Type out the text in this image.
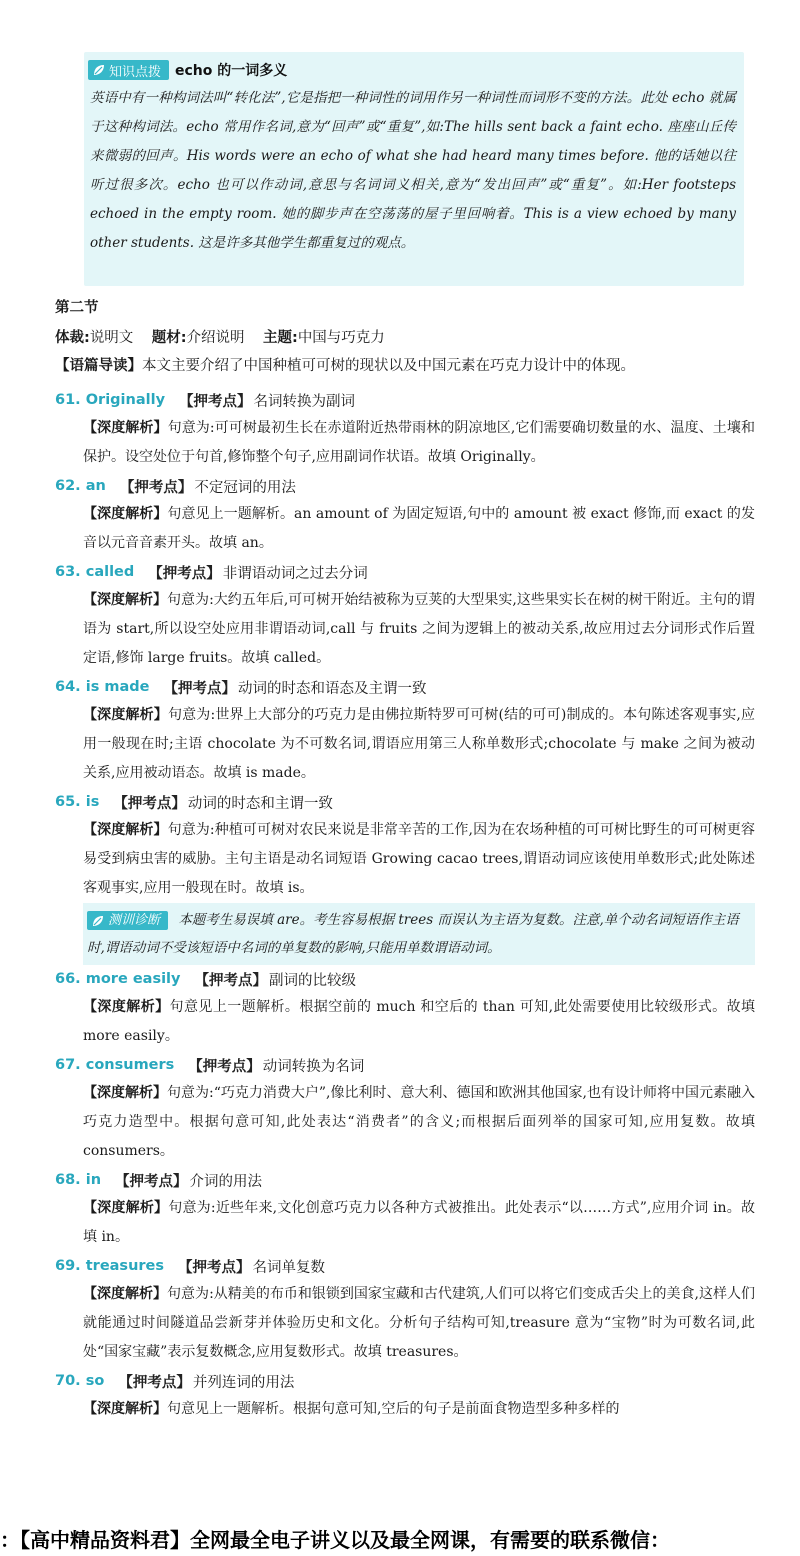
知识点拨 echo 的一词多义
英语中有一种构词法叫“转化法”,它是指把一种词性的词用作另一种词性而词形不变的方法。此处 echo 就属于这种构词法。echo 常用作名词,意为“回声”或“重复”,如:The hills sent back a faint echo. 座座山丘传来微弱的回声。His words were an echo of what she had heard many times before. 他的话她以往听过很多次。echo 也可以作动词,意思与名词词义相关,意为“发出回声”或“重复”。如:Her footsteps echoed in the empty room. 她的脚步声在空荡荡的屋子里回响着。This is a view echoed by many other students. 这是许多其他学生都重复过的观点。
第二节
体裁:说明文 题材:介绍说明 主题:中国与巧克力
【语篇导读】本文主要介绍了中国种植可可树的现状以及中国元素在巧克力设计中的体现。
61. Originally 【押考点】 名词转换为副词
【深度解析】句意为:可可树最初生长在赤道附近热带雨林的阴凉地区,它们需要确切数量的水、温度、土壤和保护。设空处位于句首,修饰整个句子,应用副词作状语。故填 Originally。
62. an 【押考点】 不定冠词的用法
【深度解析】句意见上一题解析。an amount of 为固定短语,句中的 amount 被 exact 修饰,而 exact 的发音以元音音素开头。故填 an。
63. called 【押考点】 非谓语动词之过去分词
【深度解析】句意为:大约五年后,可可树开始结被称为豆荚的大型果实,这些果实长在树的树干附近。主句的谓语为 start,所以设空处应用非谓语动词,call 与 fruits 之间为逻辑上的被动关系,故应用过去分词形式作后置定语,修饰 large fruits。故填 called。
64. is made 【押考点】 动词的时态和语态及主谓一致
【深度解析】句意为:世界上大部分的巧克力是由佛拉斯特罗可可树(结的可可)制成的。本句陈述客观事实,应用一般现在时;主语 chocolate 为不可数名词,谓语应用第三人称单数形式;chocolate 与 make 之间为被动关系,应用被动语态。故填 is made。
65. is 【押考点】 动词的时态和主谓一致
【深度解析】句意为:种植可可树对农民来说是非常辛苦的工作,因为在农场种植的可可树比野生的可可树更容易受到病虫害的威胁。主句主语是动名词短语 Growing cacao trees,谓语动词应该使用单数形式;此处陈述客观事实,应用一般现在时。故填 is。
测训诊断 本题考生易误填 are。考生容易根据 trees 而误认为主语为复数。注意,单个动名词短语作主语时,谓语动词不受该短语中名词的单复数的影响,只能用单数谓语动词。
66. more easily 【押考点】 副词的比较级
【深度解析】句意见上一题解析。根据空前的 much 和空后的 than 可知,此处需要使用比较级形式。故填 more easily。
67. consumers 【押考点】 动词转换为名词
【深度解析】句意为:“巧克力消费大户”,像比利时、意大利、德国和欧洲其他国家,也有设计师将中国元素融入巧克力造型中。根据句意可知,此处表达“消费者”的含义;而根据后面列举的国家可知,应用复数。故填 consumers。
68. in 【押考点】 介词的用法
【深度解析】句意为:近些年来,文化创意巧克力以各种方式被推出。此处表示“以……方式”,应用介词 in。故填 in。
69. treasures 【押考点】 名词单复数
【深度解析】句意为:从精美的布币和银锁到国家宝藏和古代建筑,人们可以将它们变成舌尖上的美食,这样人们就能通过时间隧道品尝新芽并体验历史和文化。分析句子结构可知,treasure 意为“宝物”时为可数名词,此处“国家宝藏”表示复数概念,应用复数形式。故填 treasures。
70. so 【押考点】 并列连词的用法
【深度解析】句意见上一题解析。根据句意可知,空后的句子是前面食物造型多种多样的
：【高中精品资料君】全网最全电子讲义以及最全网课，有需要的联系微信：
